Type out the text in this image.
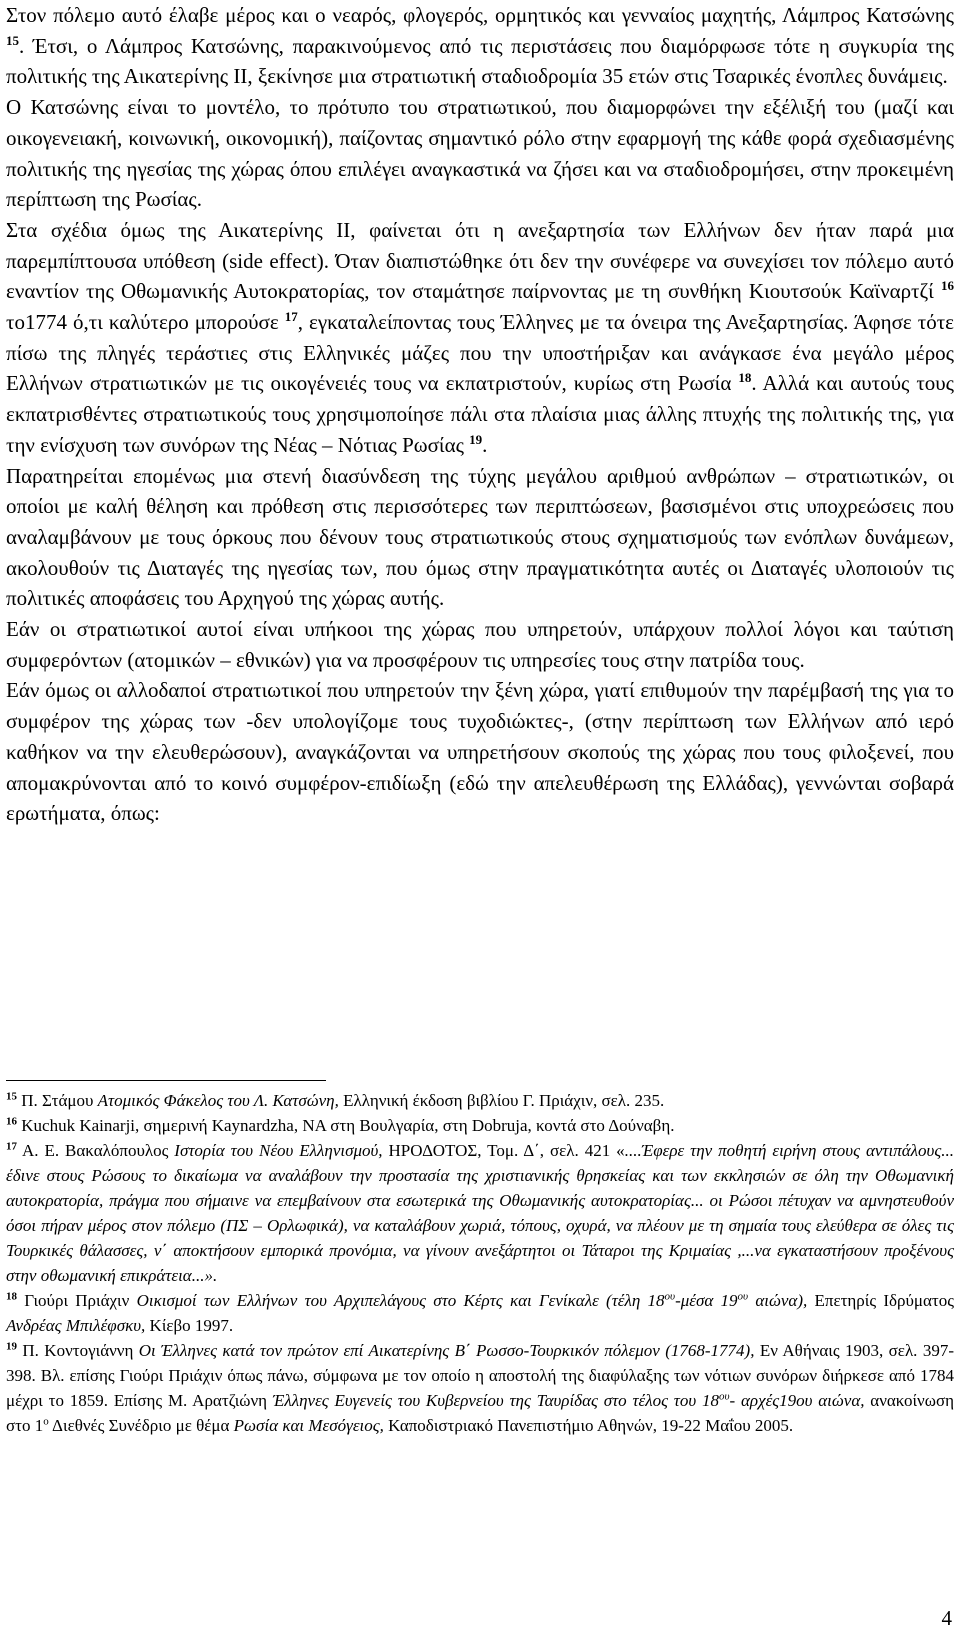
Στον πόλεμο αυτό έλαβε μέρος και ο νεαρός, φλογερός, ορμητικός και γενναίος μαχητής, Λάμπρος Κατσώνης $^{15}$. Έτσι, ο Λάμπρος Κατσώνης, παρακινούμενος από τις περιστάσεις που διαμόρφωσε τότε η συγκυρία της πολιτικής της Αικατερίνης ΙΙ, ξεκίνησε μια στρατιωτική σταδιοδρομία 35 ετών στις Τσαρικές ένοπλες δυνάμεις.

Ο Κατσώνης είναι το μοντέλο, το πρότυπο του στρατιωτικού, που διαμορφώνει την εξέλιξή του (μαζί και οικογενειακή, κοινωνική, οικονομική), παίζοντας σημαντικό ρόλο στην εφαρμογή της κάθε φορά σχεδιασμένης πολιτικής της ηγεσίας της χώρας όπου επιλέγει αναγκαστικά να ζήσει και να σταδιοδρομήσει, στην προκειμένη περίπτωση της Ρωσίας.

Στα σχέδια όμως της Αικατερίνης ΙΙ, φαίνεται ότι η ανεξαρτησία των Ελλήνων δεν ήταν παρά μια παρεμπίπτουσα υπόθεση (side effect). Όταν διαπιστώθηκε ότι δεν την συνέφερε να συνεχίσει τον πόλεμο αυτό εναντίον της Οθωμανικής Αυτοκρατορίας, τον σταμάτησε παίρνοντας με τη συνθήκη Κιουτσούκ Καϊναρτζί $^{16}$ το1774 ό,τι καλύτερο μπορούσε $^{17}$, εγκαταλείποντας τους Έλληνες με τα όνειρα της Ανεξαρτησίας. Άφησε τότε πίσω της πληγές τεράστιες στις Ελληνικές μάζες που την υποστήριξαν και ανάγκασε ένα μεγάλο μέρος Ελλήνων στρατιωτικών με τις οικογένειές τους να εκπατριστούν, κυρίως στη Ρωσία $^{18}$. Αλλά και αυτούς τους εκπατρισθέντες στρατιωτικούς τους χρησιμοποίησε πάλι στα πλαίσια μιας άλλης πτυχής της πολιτικής της, για την ενίσχυση των συνόρων της Νέας – Νότιας Ρωσίας $^{19}$.

Παρατηρείται επομένως μια στενή διασύνδεση της τύχης μεγάλου αριθμού ανθρώπων – στρατιωτικών, οι οποίοι με καλή θέληση και πρόθεση στις περισσότερες των περιπτώσεων, βασισμένοι στις υποχρεώσεις που αναλαμβάνουν με τους όρκους που δένουν τους στρατιωτικούς στους σχηματισμούς των ενόπλων δυνάμεων, ακολουθούν τις Διαταγές της ηγεσίας των, που όμως στην πραγματικότητα αυτές οι Διαταγές υλοποιούν τις πολιτικές αποφάσεις του Αρχηγού της χώρας αυτής.

Εάν οι στρατιωτικοί αυτοί είναι υπήκοοι της χώρας που υπηρετούν, υπάρχουν πολλοί λόγοι και ταύτιση συμφερόντων (ατομικών – εθνικών) για να προσφέρουν τις υπηρεσίες τους στην πατρίδα τους.

Εάν όμως οι αλλοδαποί στρατιωτικοί που υπηρετούν την ξένη χώρα, γιατί επιθυμούν την παρέμβασή της για το συμφέρον της χώρας των -δεν υπολογίζομε τους τυχοδιώκτες-, (στην περίπτωση των Ελλήνων από ιερό καθήκον να την ελευθερώσουν), αναγκάζονται να υπηρετήσουν σκοπούς της χώρας που τους φιλοξενεί, που απομακρύνονται από το κοινό συμφέρον-επιδίωξη (εδώ την απελευθέρωση της Ελλάδας), γεννώνται σοβαρά ερωτήματα, όπως:

$^{15}$ Π. Στάμου Ατομικός Φάκελος του Λ. Κατσώνη, Ελληνική έκδοση βιβλίου Γ. Πριάχιν, σελ. 235.

$^{16}$ Kuchuk Kainarji, σημερινή Kaynardzha, ΝΑ στη Βουλγαρία, στη Dobruja, κοντά στο Δούναβη.

$^{17}$ Α. Ε. Βακαλόπουλος Ιστορία του Νέου Ελληνισμού, ΗΡΟΔΟΤΟΣ, Τομ. Δ΄, σελ. 421 «....Έφερε την ποθητή ειρήνη στους αντιπάλους... έδινε στους Ρώσους το δικαίωμα να αναλάβουν την προστασία της χριστιανικής θρησκείας και των εκκλησιών σε όλη την Οθωμανική αυτοκρατορία, πράγμα που σήμαινε να επεμβαίνουν στα εσωτερικά της Οθωμανικής αυτοκρατορίας... οι Ρώσοι πέτυχαν να αμνηστευθούν όσοι πήραν μέρος στον πόλεμο (ΠΣ – Ορλωφικά), να καταλάβουν χωριά, τόπους, οχυρά, να πλέουν με τη σημαία τους ελεύθερα σε όλες τις Τουρκικές θάλασσες, ν΄ αποκτήσουν εμπορικά προνόμια, να γίνουν ανεξάρτητοι οι Τάταροι της Κριμαίας ,...να εγκαταστήσουν προξένους στην οθωμανική επικράτεια...».

$^{18}$ Γιούρι Πριάχιν Οικισμοί των Ελλήνων του Αρχιπελάγους στο Κέρτς και Γενίκαλε (τέλη $18^{o\upsilon}$-μέσα $19^{o\upsilon}$ αιώνα), Επετηρίς Ιδρύματος Ανδρέας Μπιλέφσκυ, Κίεβο 1997.

$^{19}$ Π. Κοντογιάννη Οι Έλληνες κατά τον πρώτον επί Αικατερίνης Β΄ Ρωσσο-Τουρκικόν πόλεμον (1768-1774), Εν Αθήναις 1903, σελ. 397-398. Βλ. επίσης Γιούρι Πριάχιν όπως πάνω, σύμφωνα με τον οποίο η αποστολή της διαφύλαξης των νότιων συνόρων διήρκεσε από 1784 μέχρι το 1859. Επίσης Μ. Αρατζιώνη Έλληνες Ευγενείς του Κυβερνείου της Ταυρίδας στο τέλος του $18^{o\upsilon}-$ αρχές19ου αιώνα, ανακοίνωση στο $1^o$ Διεθνές Συνέδριο με θέμα Ρωσία και Μεσόγειος, Καποδιστριακό Πανεπιστήμιο Αθηνών, 19-22 Μαΐου 2005.

4
